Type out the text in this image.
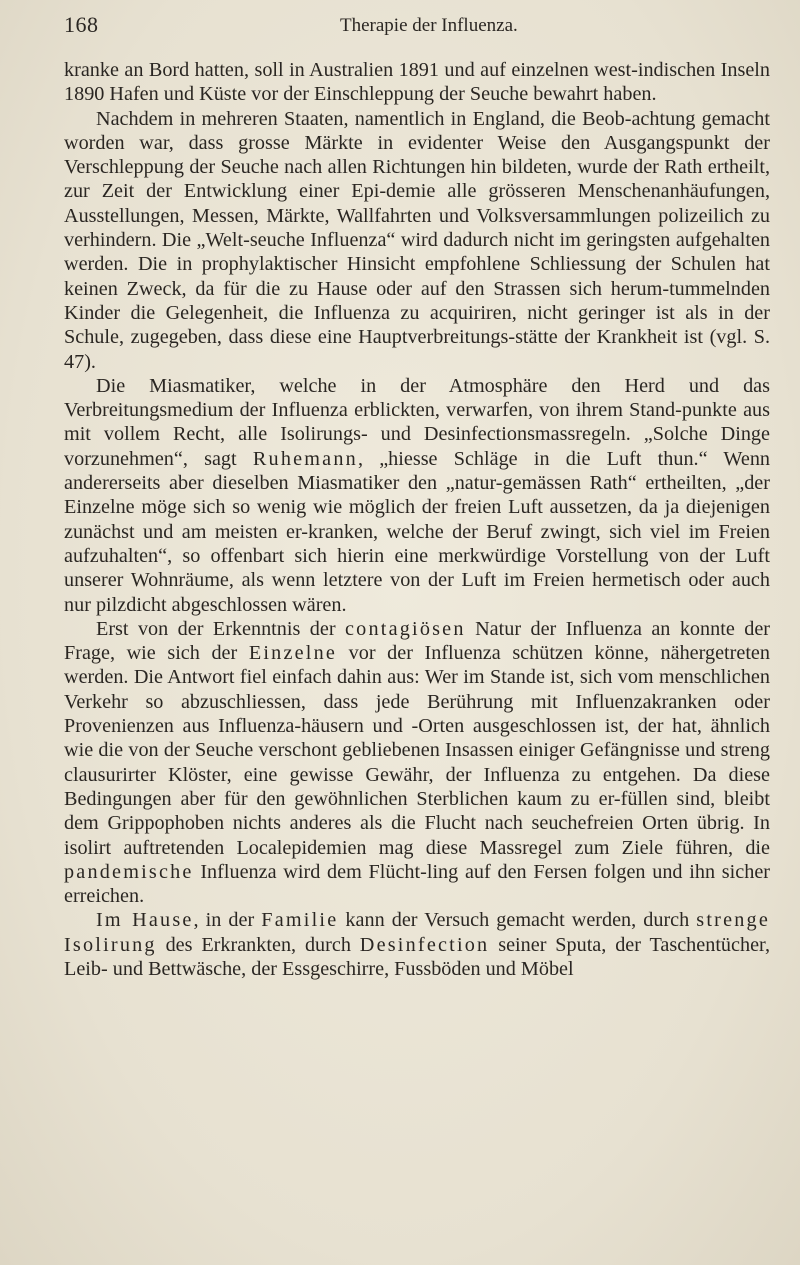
168	Therapie der Influenza.

kranke an Bord hatten, soll in Australien 1891 und auf einzelnen west-indischen Inseln 1890 Hafen und Küste vor der Einschleppung der Seuche bewahrt haben.

Nachdem in mehreren Staaten, namentlich in England, die Beob-achtung gemacht worden war, dass grosse Märkte in evidenter Weise den Ausgangspunkt der Verschleppung der Seuche nach allen Richtungen hin bildeten, wurde der Rath ertheilt, zur Zeit der Entwicklung einer Epi-demie alle grösseren Menschenanhäufungen, Ausstellungen, Messen, Märkte, Wallfahrten und Volksversammlungen polizeilich zu verhindern. Die „Welt-seuche Influenza“ wird dadurch nicht im geringsten aufgehalten werden. Die in prophylaktischer Hinsicht empfohlene Schliessung der Schulen hat keinen Zweck, da für die zu Hause oder auf den Strassen sich herum-tummelnden Kinder die Gelegenheit, die Influenza zu acquiriren, nicht geringer ist als in der Schule, zugegeben, dass diese eine Hauptverbreitungs-stätte der Krankheit ist (vgl. S. 47).

Die Miasmatiker, welche in der Atmosphäre den Herd und das Verbreitungsmedium der Influenza erblickten, verwarfen, von ihrem Stand-punkte aus mit vollem Recht, alle Isolirungs- und Desinfectionsmassregeln. „Solche Dinge vorzunehmen“, sagt Ruhemann, „hiesse Schläge in die Luft thun.“ Wenn andererseits aber dieselben Miasmatiker den „natur-gemässen Rath“ ertheilten, „der Einzelne möge sich so wenig wie möglich der freien Luft aussetzen, da ja diejenigen zunächst und am meisten er-kranken, welche der Beruf zwingt, sich viel im Freien aufzuhalten“, so offenbart sich hierin eine merkwürdige Vorstellung von der Luft unserer Wohnräume, als wenn letztere von der Luft im Freien hermetisch oder auch nur pilzdicht abgeschlossen wären.

Erst von der Erkenntnis der contagiösen Natur der Influenza an konnte der Frage, wie sich der Einzelne vor der Influenza schützen könne, nähergetreten werden. Die Antwort fiel einfach dahin aus: Wer im Stande ist, sich vom menschlichen Verkehr so abzuschliessen, dass jede Berührung mit Influenzakranken oder Provenienzen aus Influenza-häusern und -Orten ausgeschlossen ist, der hat, ähnlich wie die von der Seuche verschont gebliebenen Insassen einiger Gefängnisse und streng clausurirter Klöster, eine gewisse Gewähr, der Influenza zu entgehen. Da diese Bedingungen aber für den gewöhnlichen Sterblichen kaum zu er-füllen sind, bleibt dem Grippophoben nichts anderes als die Flucht nach seuchefreien Orten übrig. In isolirt auftretenden Localepidemien mag diese Massregel zum Ziele führen, die pandemische Influenza wird dem Flücht-ling auf den Fersen folgen und ihn sicher erreichen.

Im Hause, in der Familie kann der Versuch gemacht werden, durch strenge Isolirung des Erkrankten, durch Desinfection seiner Sputa, der Taschentücher, Leib- und Bettwäsche, der Essgeschirre, Fussböden und Möbel
